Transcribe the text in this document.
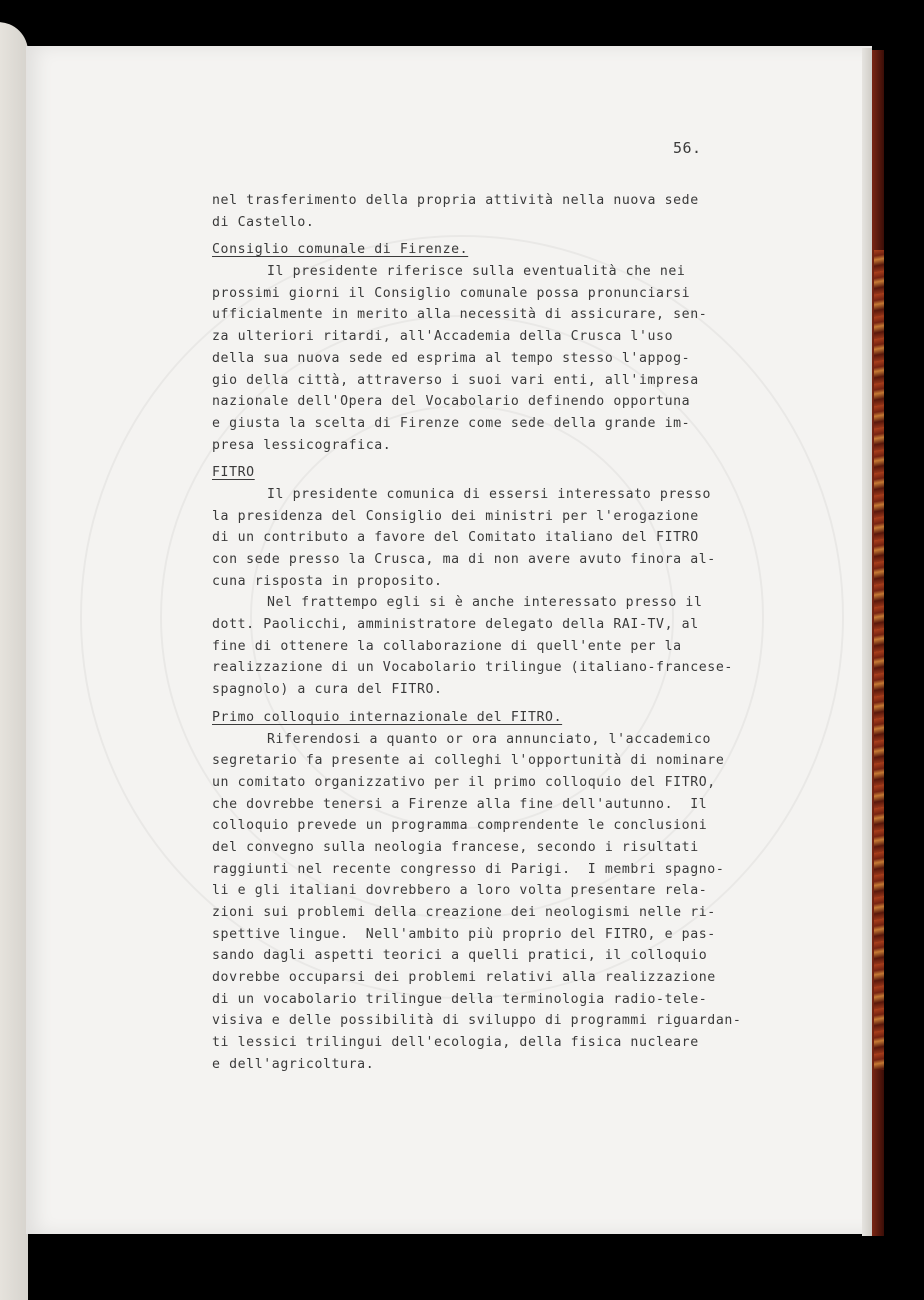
56.
nel trasferimento della propria attività nella nuova sede
di Castello.
Consiglio comunale di Firenze.
Il presidente riferisce sulla eventualità che nei
prossimi giorni il Consiglio comunale possa pronunciarsi
ufficialmente in merito alla necessità di assicurare, sen-
za ulteriori ritardi, all'Accademia della Crusca l'uso
della sua nuova sede ed esprima al tempo stesso l'appog-
gio della città, attraverso i suoi vari enti, all'impresa
nazionale dell'Opera del Vocabolario definendo opportuna
e giusta la scelta di Firenze come sede della grande im-
presa lessicografica.
FITRO
Il presidente comunica di essersi interessato presso
la presidenza del Consiglio dei ministri per l'erogazione
di un contributo a favore del Comitato italiano del FITRO
con sede presso la Crusca, ma di non avere avuto finora al-
cuna risposta in proposito.
Nel frattempo egli si è anche interessato presso il
dott. Paolicchi, amministratore delegato della RAI-TV, al
fine di ottenere la collaborazione di quell'ente per la
realizzazione di un Vocabolario trilingue (italiano-francese-
spagnolo) a cura del FITRO.
Primo colloquio internazionale del FITRO.
Riferendosi a quanto or ora annunciato, l'accademico
segretario fa presente ai colleghi l'opportunità di nominare
un comitato organizzativo per il primo colloquio del FITRO,
che dovrebbe tenersi a Firenze alla fine dell'autunno.  Il
colloquio prevede un programma comprendente le conclusioni
del convegno sulla neologia francese, secondo i risultati
raggiunti nel recente congresso di Parigi.  I membri spagno-
li e gli italiani dovrebbero a loro volta presentare rela-
zioni sui problemi della creazione dei neologismi nelle ri-
spettive lingue.  Nell'ambito più proprio del FITRO, e pas-
sando dagli aspetti teorici a quelli pratici, il colloquio
dovrebbe occuparsi dei problemi relativi alla realizzazione
di un vocabolario trilingue della terminologia radio-tele-
visiva e delle possibilità di sviluppo di programmi riguardan-
ti lessici trilingui dell'ecologia, della fisica nucleare
e dell'agricoltura.
